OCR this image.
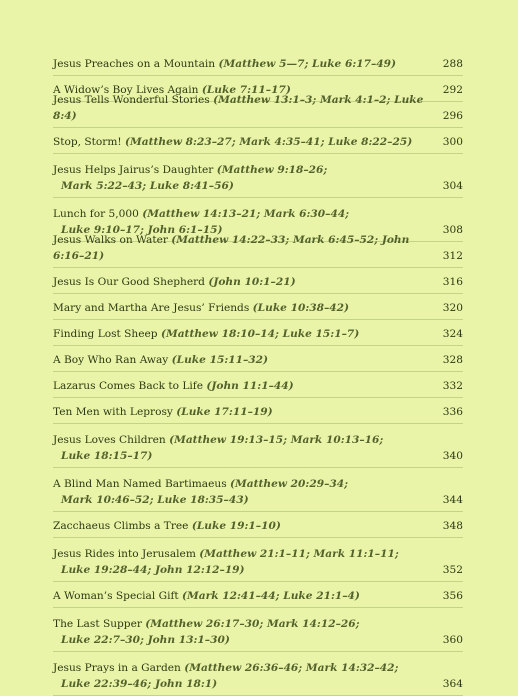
Jesus Preaches on a Mountain (Matthew 5—7; Luke 6:17–49)	288
A Widow’s Boy Lives Again (Luke 7:11–17)	292
Jesus Tells Wonderful Stories (Matthew 13:1–3; Mark 4:1–2; Luke 8:4)	296
Stop, Storm! (Matthew 8:23–27; Mark 4:35–41; Luke 8:22–25)	300
Jesus Helps Jairus’s Daughter (Matthew 9:18–26;
Mark 5:22–43; Luke 8:41–56)	304
Lunch for 5,000 (Matthew 14:13–21; Mark 6:30–44;
Luke 9:10–17; John 6:1–15)	308
Jesus Walks on Water (Matthew 14:22–33; Mark 6:45–52; John 6:16–21)	312
Jesus Is Our Good Shepherd (John 10:1–21)	316
Mary and Martha Are Jesus’ Friends (Luke 10:38–42)	320
Finding Lost Sheep (Matthew 18:10–14; Luke 15:1–7)	324
A Boy Who Ran Away (Luke 15:11–32)	328
Lazarus Comes Back to Life (John 11:1–44)	332
Ten Men with Leprosy (Luke 17:11–19)	336
Jesus Loves Children (Matthew 19:13–15; Mark 10:13–16;
Luke 18:15–17)	340
A Blind Man Named Bartimaeus (Matthew 20:29–34;
Mark 10:46–52; Luke 18:35–43)	344
Zacchaeus Climbs a Tree (Luke 19:1–10)	348
Jesus Rides into Jerusalem (Matthew 21:1–11; Mark 11:1–11;
Luke 19:28–44; John 12:12–19)	352
A Woman’s Special Gift (Mark 12:41–44; Luke 21:1–4)	356
The Last Supper (Matthew 26:17–30; Mark 14:12–26;
Luke 22:7–30; John 13:1–30)	360
Jesus Prays in a Garden (Matthew 26:36–46; Mark 14:32–42;
Luke 22:39–46; John 18:1)	364
